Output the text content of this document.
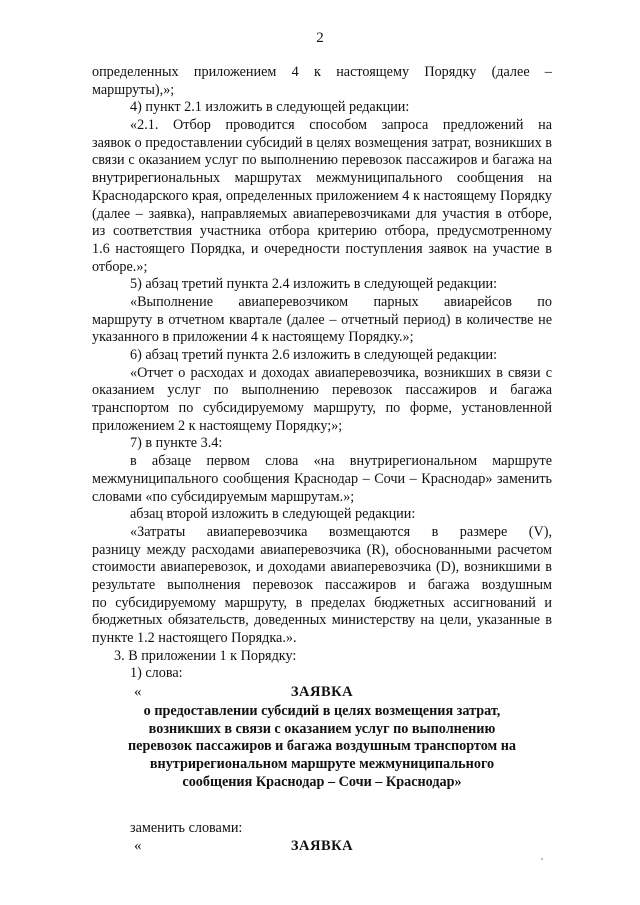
2
определенных приложением 4 к настоящему Порядку (далее –
маршруты),»;
4) пункт 2.1 изложить в следующей редакции:
«2.1. Отбор проводится способом запроса предложений на
заявок о предоставлении субсидий в целях возмещения затрат, возникших в
связи с оказанием услуг по выполнению перевозок пассажиров и багажа на
внутрирегиональных маршрутах межмуниципального сообщения на
Краснодарского края, определенных приложением 4 к настоящему Порядку
(далее – заявка), направляемых авиаперевозчиками для участия в отборе,
из соответствия участника отбора критерию отбора, предусмотренному
1.6 настоящего Порядка, и очередности поступления заявок на участие в
отборе.»;
5) абзац третий пункта 2.4 изложить в следующей редакции:
«Выполнение авиаперевозчиком парных авиарейсов по
маршруту в отчетном квартале (далее – отчетный период) в количестве не
указанного в приложении 4 к настоящему Порядку.»;
6) абзац третий пункта 2.6 изложить в следующей редакции:
«Отчет о расходах и доходах авиаперевозчика, возникших в связи с
оказанием услуг по выполнению перевозок пассажиров и багажа
транспортом по субсидируемому маршруту, по форме, установленной
приложением 2 к настоящему Порядку;»;
7) в пункте 3.4:
в абзаце первом слова «на внутрирегиональном маршруте
межмуниципального сообщения Краснодар – Сочи – Краснодар» заменить
словами «по субсидируемым маршрутам.»;
абзац второй изложить в следующей редакции:
«Затраты авиаперевозчика возмещаются в размере (V),
разницу между расходами авиаперевозчика (R), обоснованными расчетом
стоимости авиаперевозок, и доходами авиаперевозчика (D), возникшими в
результате выполнения перевозок пассажиров и багажа воздушным
по субсидируемому маршруту, в пределах бюджетных ассигнований и
бюджетных обязательств, доведенных министерству на цели, указанные в
пункте 1.2 настоящего Порядка.».
3. В приложении 1 к Порядку:
1) слова:
«	ЗАЯВКА
о предоставлении субсидий в целях возмещения затрат,
возникших в связи с оказанием услуг по выполнению
перевозок пассажиров и багажа воздушным транспортом на
внутрирегиональном маршруте межмуниципального
сообщения Краснодар – Сочи – Краснодар»
заменить словами:
«	ЗАЯВКА
